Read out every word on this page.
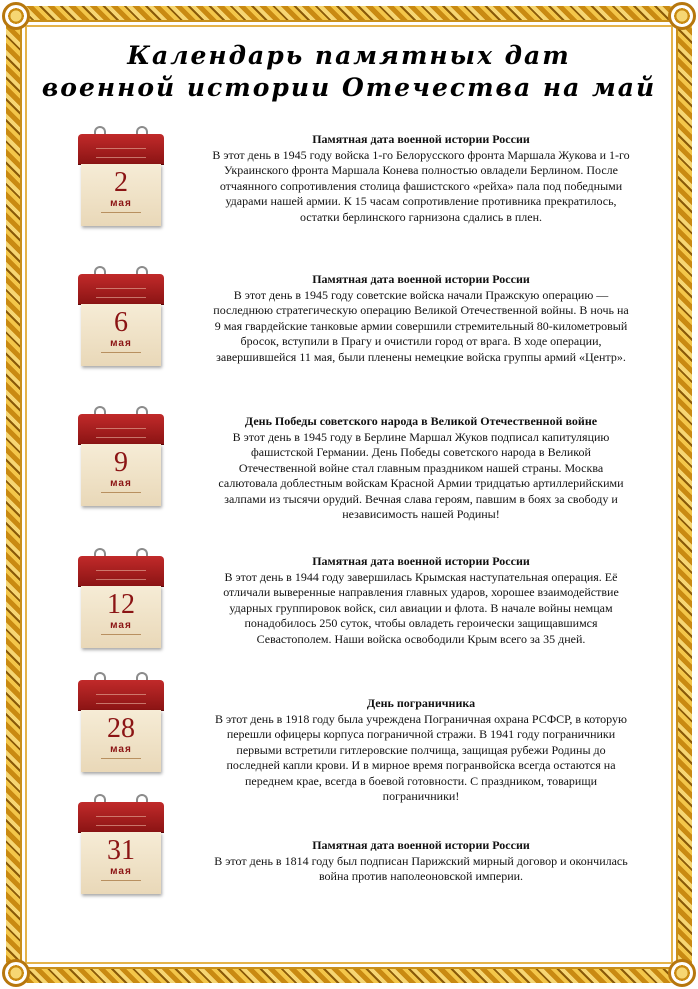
Календарь памятных дат
военной истории Отечества на май
2
мая
Памятная дата военной истории России
В этот день в 1945 году войска 1-го Белорусского фронта Маршала Жукова и 1-го Украинского фронта Маршала Конева полностью овладели Берлином. После отчаянного сопротивления столица фашистского «рейха» пала под победными ударами нашей армии. К 15 часам сопротивление противника прекратилось, остатки берлинского гарнизона сдались в плен.
6
мая
Памятная дата военной истории России
В этот день в 1945 году советские войска начали Пражскую операцию — последнюю стратегическую операцию Великой Отечественной войны. В ночь на 9 мая гвардейские танковые армии совершили стремительный 80-километровый бросок, вступили в Прагу и очистили город от врага. В ходе операции, завершившейся 11 мая, были пленены немецкие войска группы армий «Центр».
9
мая
День Победы советского народа в Великой Отечественной войне
В этот день в 1945 году в Берлине Маршал Жуков подписал капитуляцию фашистской Германии. День Победы советского народа в Великой Отечественной войне стал главным праздником нашей страны. Москва салютовала доблестным войскам Красной Армии тридцатью артиллерийскими залпами из тысячи орудий. Вечная слава героям, павшим в боях за свободу и независимость нашей Родины!
12
мая
Памятная дата военной истории России
В этот день в 1944 году завершилась Крымская наступательная операция. Её отличали выверенные направления главных ударов, хорошее взаимодействие ударных группировок войск, сил авиации и флота. В начале войны немцам понадобилось 250 суток, чтобы овладеть героически защищавшимся Севастополем. Наши войска освободили Крым всего за 35 дней.
28
мая
День пограничника
В этот день в 1918 году была учреждена Пограничная охрана РСФСР, в которую перешли офицеры корпуса пограничной стражи. В 1941 году пограничники первыми встретили гитлеровские полчища, защищая рубежи Родины до последней капли крови. И в мирное время погранвойска всегда остаются на переднем крае, всегда в боевой готовности. С праздником, товарищи пограничники!
31
мая
Памятная дата военной истории России
В этот день в 1814 году был подписан Парижский мирный договор и окончилась война против наполеоновской империи.
